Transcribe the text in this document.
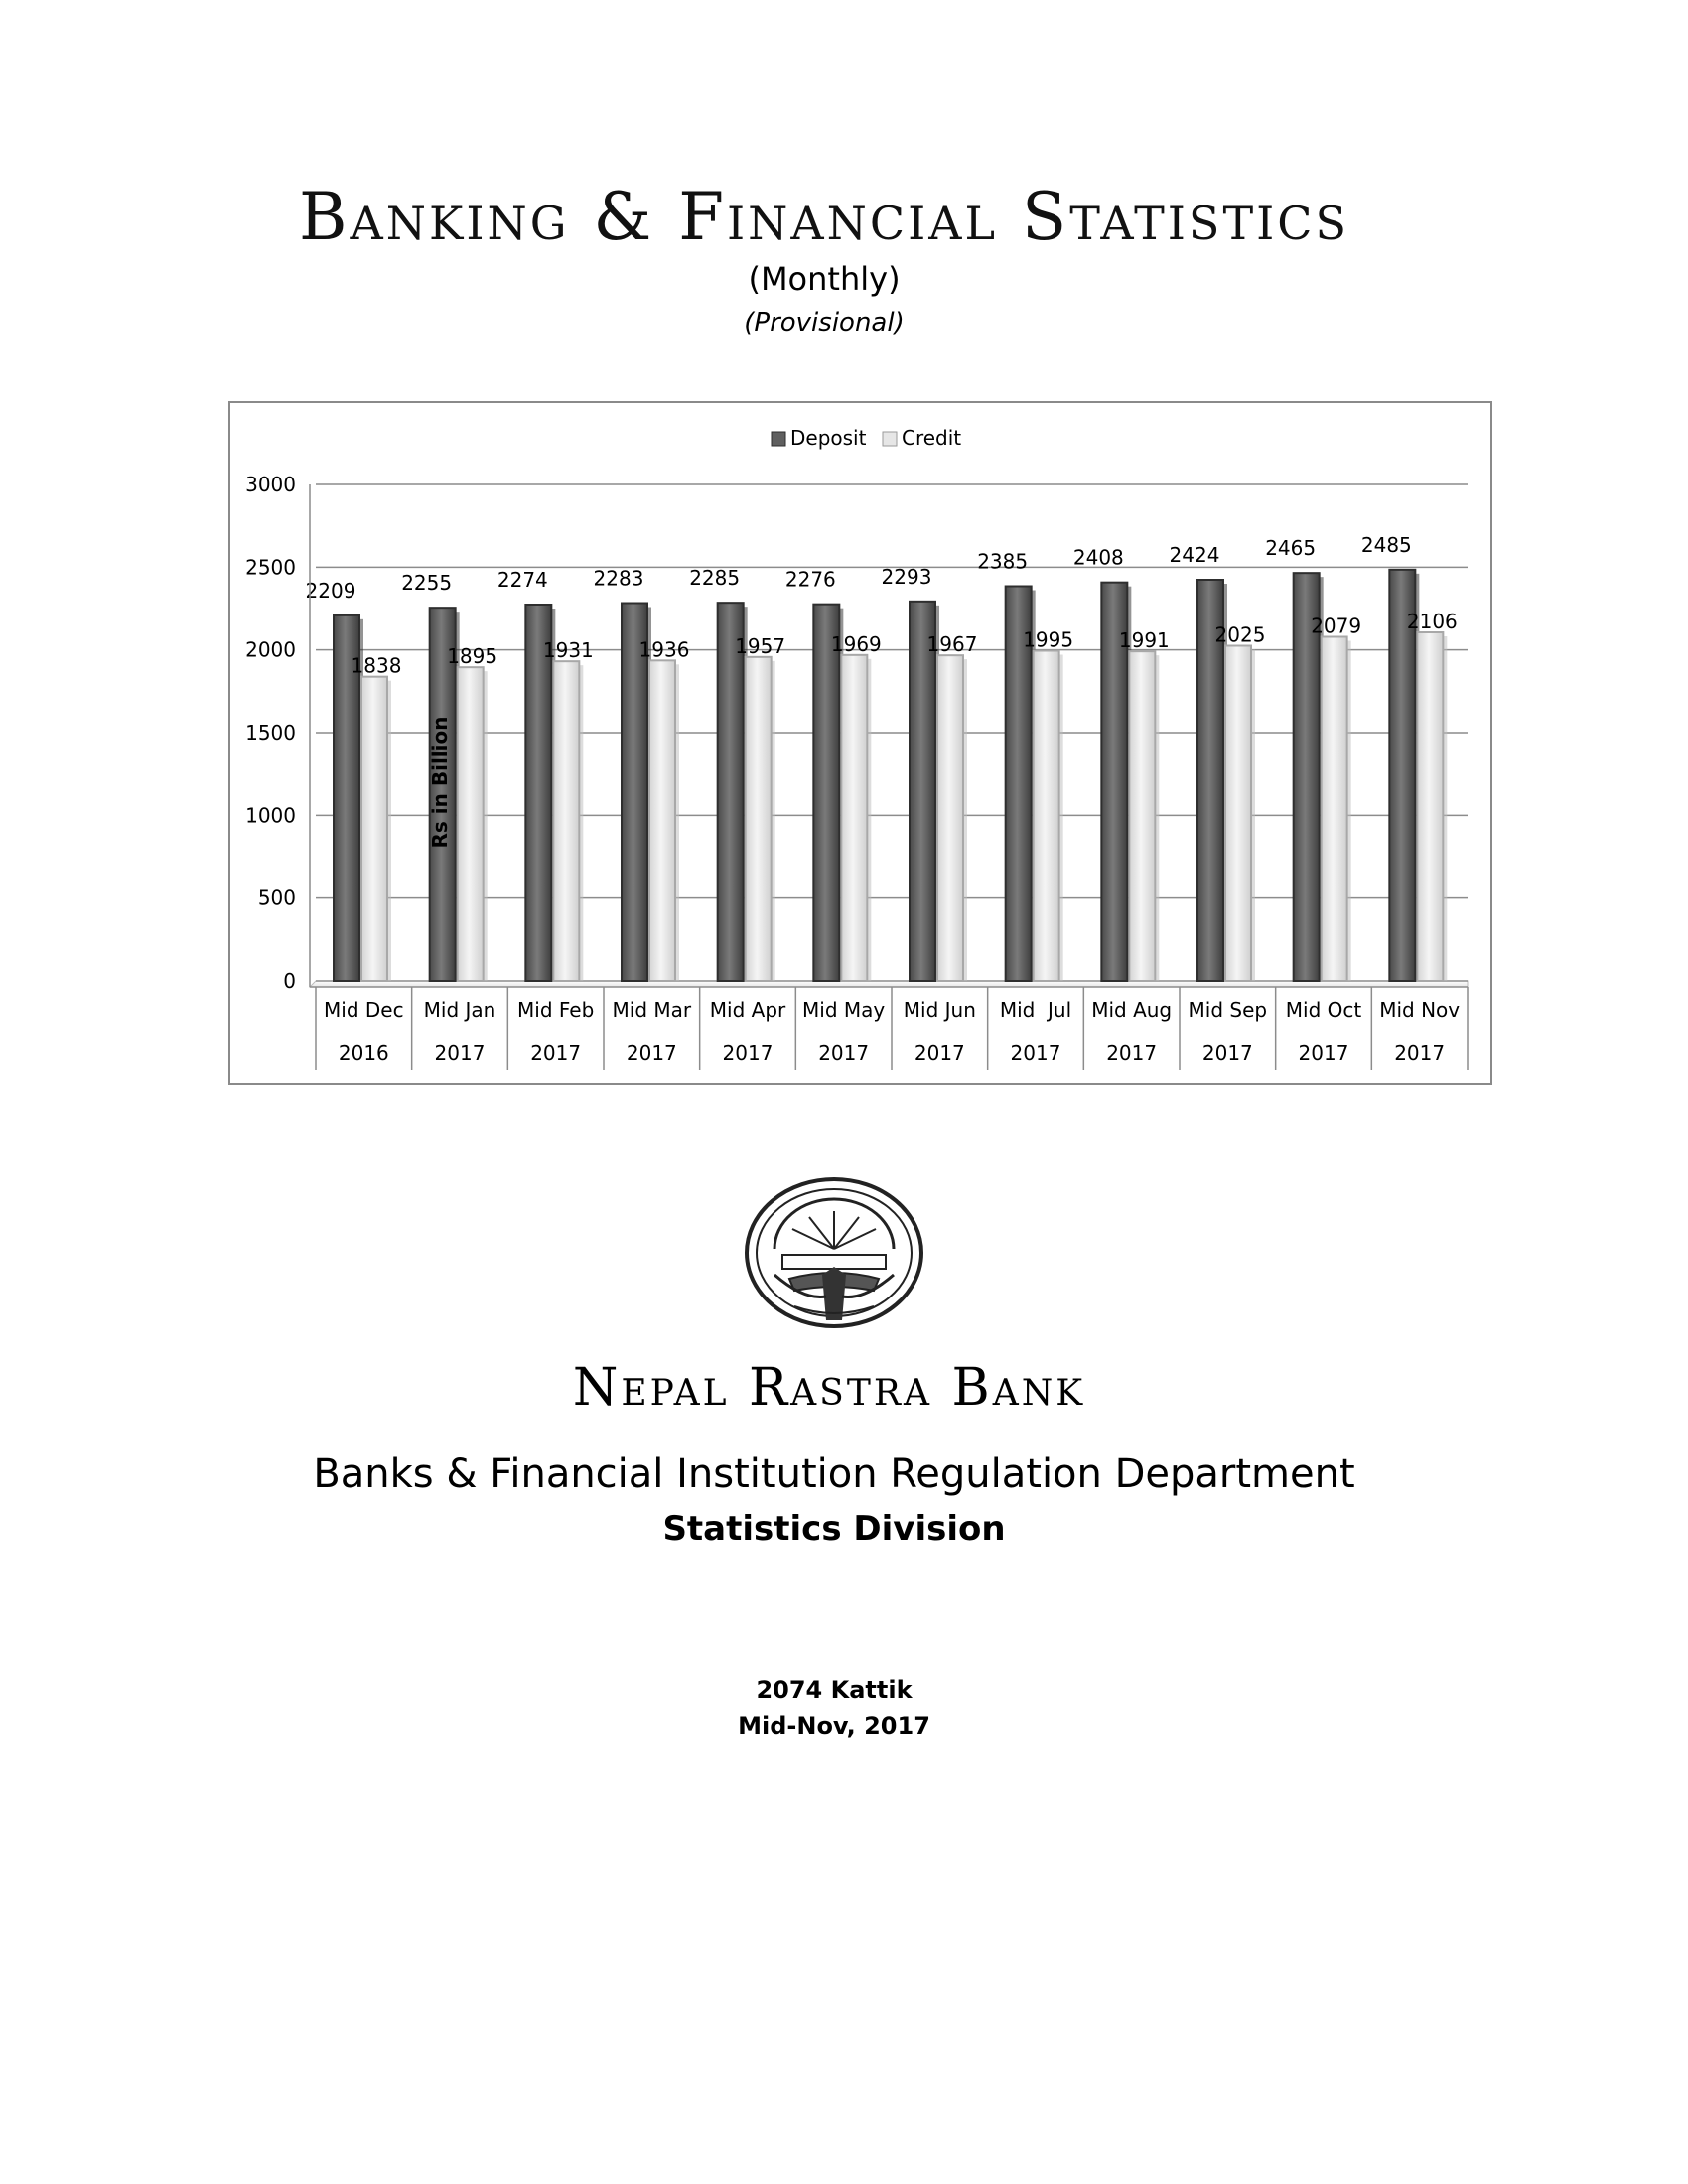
Banking & Financial Statistics
(Monthly)
(Provisional)
Deposit Credit
2209
1838
2255
1895
2274
1931
2283
1936
2285
1957
2276
1969
2293
1967
2385
1995
2408
1991
2424
2025
2465
2079
2485
2106
0
500
1000
1500
2000
2500
3000
Mid Dec
2016
Mid Jan
2017
Mid Feb
2017
Mid Mar
2017
Mid Apr
2017
Mid May
2017
Mid Jun
2017
Mid  Jul
2017
Mid Aug
2017
Mid Sep
2017
Mid Oct
2017
Mid Nov
2017
Rs in Billion
Nepal Rastra Bank
Banks & Financial Institution Regulation Department
Statistics Division
2074 Kattik
Mid-Nov, 2017
